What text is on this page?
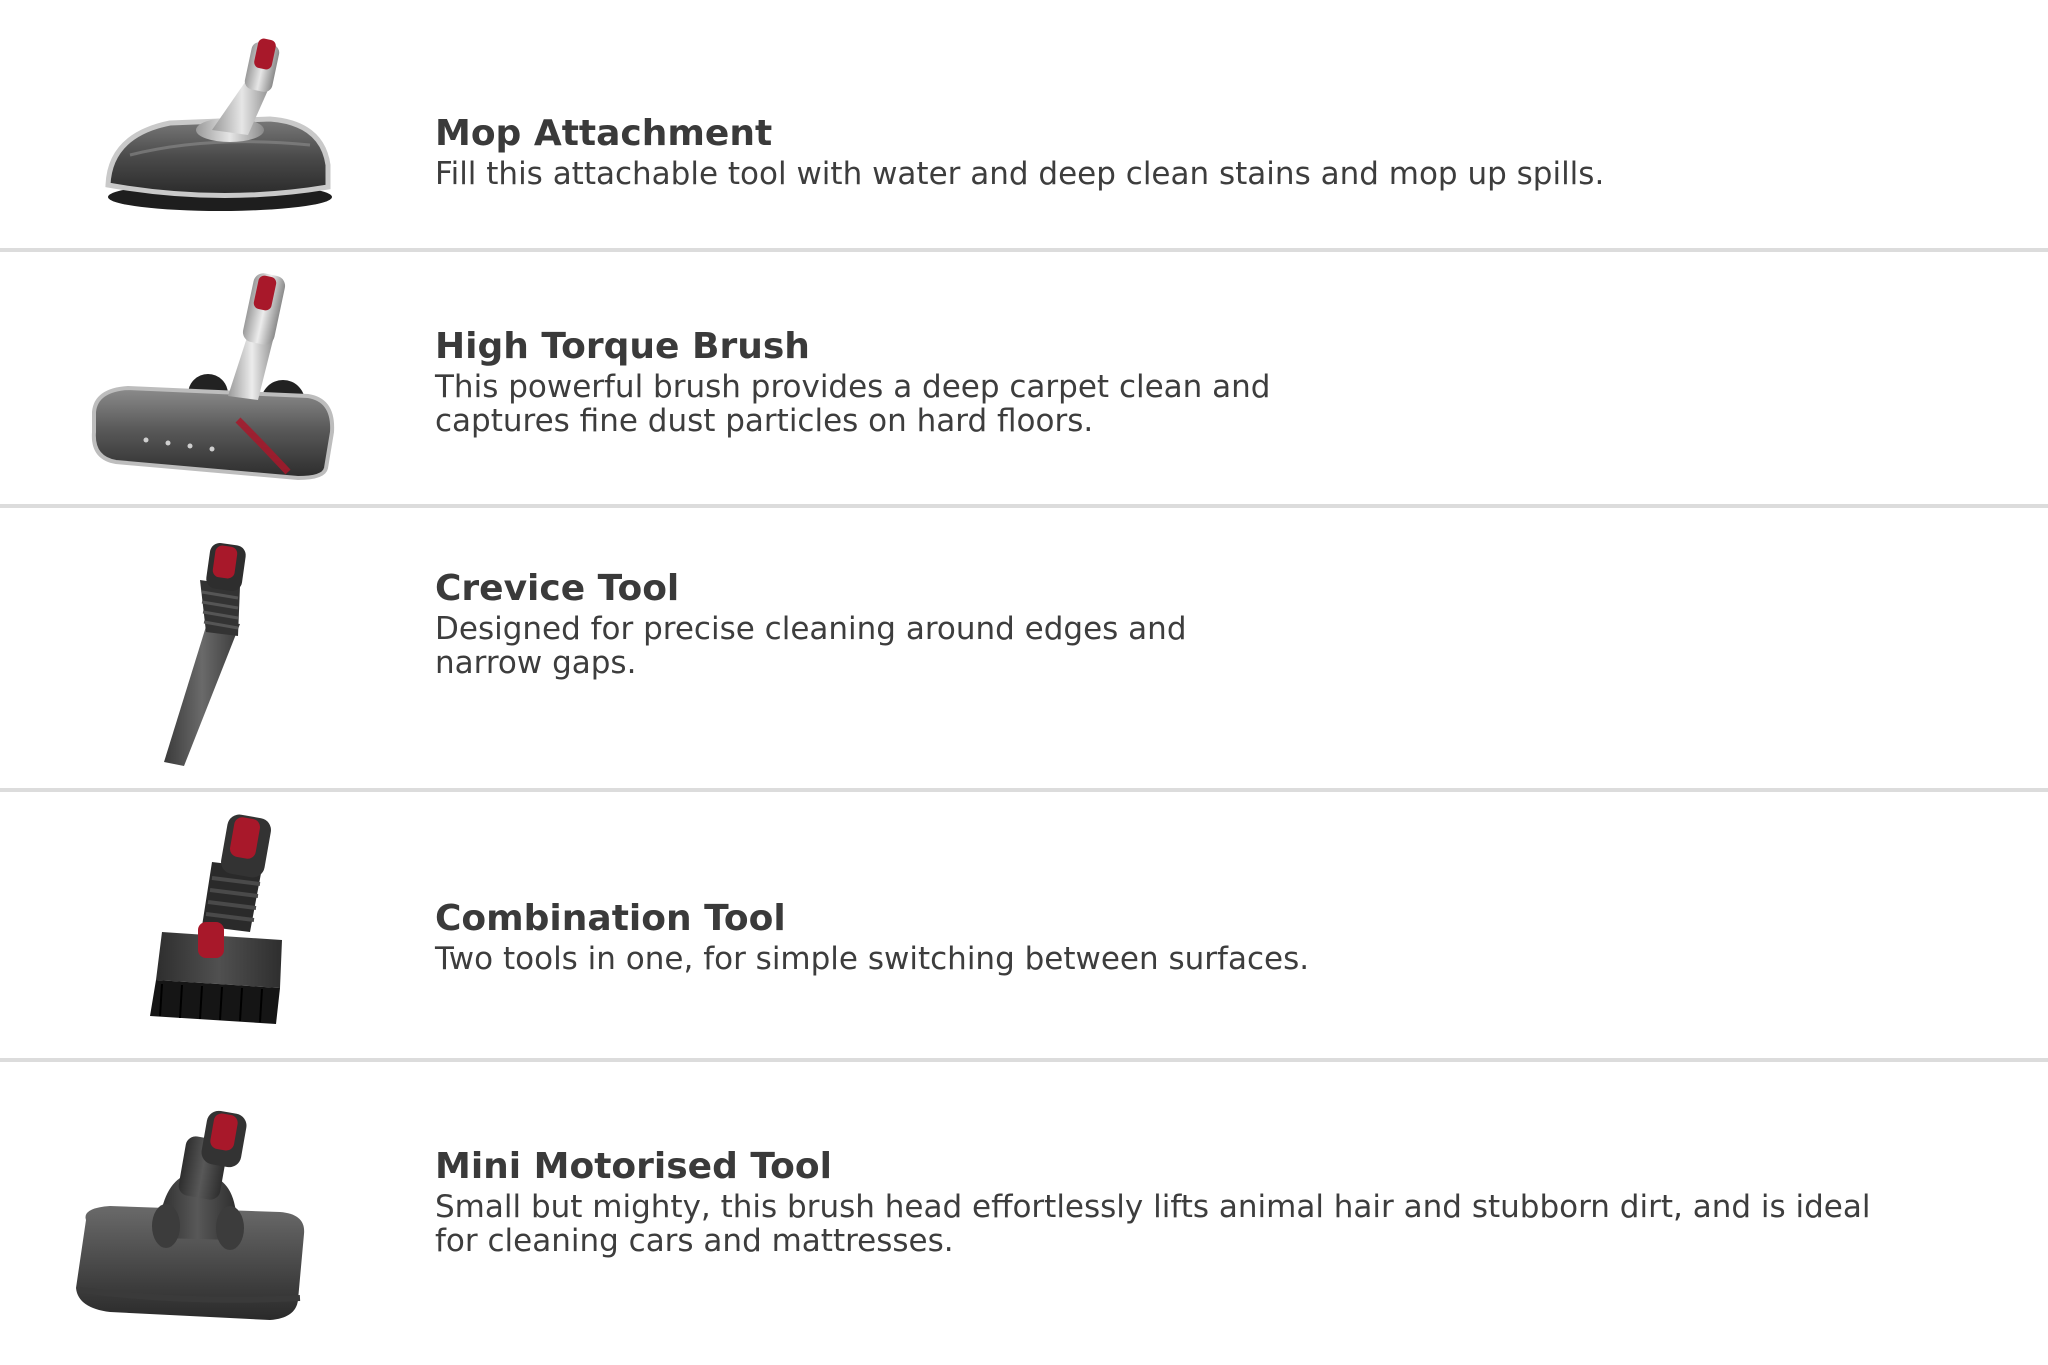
Mop Attachment

Fill this attachable tool with water and deep clean stains and mop up spills.

High Torque Brush

This powerful brush provides a deep carpet clean and
captures fine dust particles on hard floors.

Crevice Tool

Designed for precise cleaning around edges and
narrow gaps.

Combination Tool

Two tools in one, for simple switching between surfaces.

Mini Motorised Tool

Small but mighty, this brush head effortlessly lifts animal hair and stubborn dirt, and is ideal
for cleaning cars and mattresses.
